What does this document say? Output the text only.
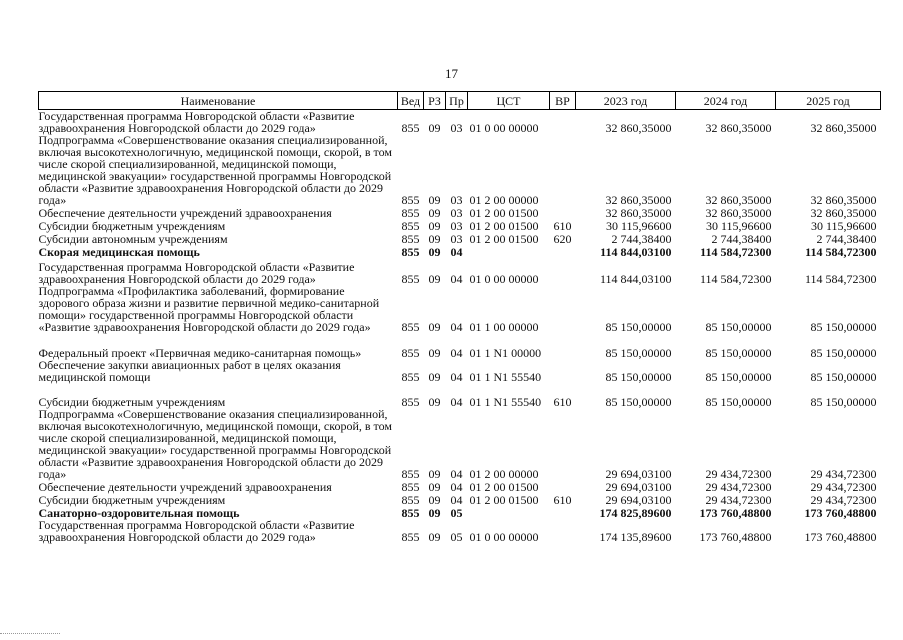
17
Наименование	Вед	РЗ	Пр	ЦСТ	ВР	2023 год	2024 год	2025 год
Государственная программа Новгородской области «Развитие здравоохранения Новгородской области до 2029 года»	855	09	03	01 0 00 00000		32 860,35000	32 860,35000	32 860,35000
Подпрограмма «Совершенствование оказания специализированной, включая высокотехнологичную, медицинской помощи, скорой, в том числе скорой специализированной, медицинской помощи, медицинской эвакуации» государственной программы Новгородской области «Развитие здравоохранения Новгородской области до 2029 года»	855	09	03	01 2 00 00000		32 860,35000	32 860,35000	32 860,35000
Обеспечение деятельности учреждений здравоохранения	855	09	03	01 2 00 01500		32 860,35000	32 860,35000	32 860,35000
Субсидии бюджетным учреждениям	855	09	03	01 2 00 01500	610	30 115,96600	30 115,96600	30 115,96600
Субсидии автономным учреждениям	855	09	03	01 2 00 01500	620	2 744,38400	2 744,38400	2 744,38400
Скорая медицинская помощь	855	09	04			114 844,03100	114 584,72300	114 584,72300
Государственная программа Новгородской области «Развитие здравоохранения Новгородской области до 2029 года»	855	09	04	01 0 00 00000		114 844,03100	114 584,72300	114 584,72300
Подпрограмма «Профилактика заболеваний, формирование здорового образа жизни и развитие первичной медико-санитарной помощи» государственной программы Новгородской области «Развитие здравоохранения Новгородской области до 2029 года»	855	09	04	01 1 00 00000		85 150,00000	85 150,00000	85 150,00000
Федеральный проект «Первичная медико-санитарная помощь»	855	09	04	01 1 N1 00000		85 150,00000	85 150,00000	85 150,00000
Обеспечение закупки авиационных работ в целях оказания медицинской помощи	855	09	04	01 1 N1 55540		85 150,00000	85 150,00000	85 150,00000
Субсидии бюджетным учреждениям	855	09	04	01 1 N1 55540	610	85 150,00000	85 150,00000	85 150,00000
Подпрограмма «Совершенствование оказания специализированной, включая высокотехнологичную, медицинской помощи, скорой, в том числе скорой специализированной, медицинской помощи, медицинской эвакуации» государственной программы Новгородской области «Развитие здравоохранения Новгородской области до 2029 года»	855	09	04	01 2 00 00000		29 694,03100	29 434,72300	29 434,72300
Обеспечение деятельности учреждений здравоохранения	855	09	04	01 2 00 01500		29 694,03100	29 434,72300	29 434,72300
Субсидии бюджетным учреждениям	855	09	04	01 2 00 01500	610	29 694,03100	29 434,72300	29 434,72300
Санаторно-оздоровительная помощь	855	09	05			174 825,89600	173 760,48800	173 760,48800
Государственная программа Новгородской области «Развитие здравоохранения Новгородской области до 2029 года»	855	09	05	01 0 00 00000		174 135,89600	173 760,48800	173 760,48800
